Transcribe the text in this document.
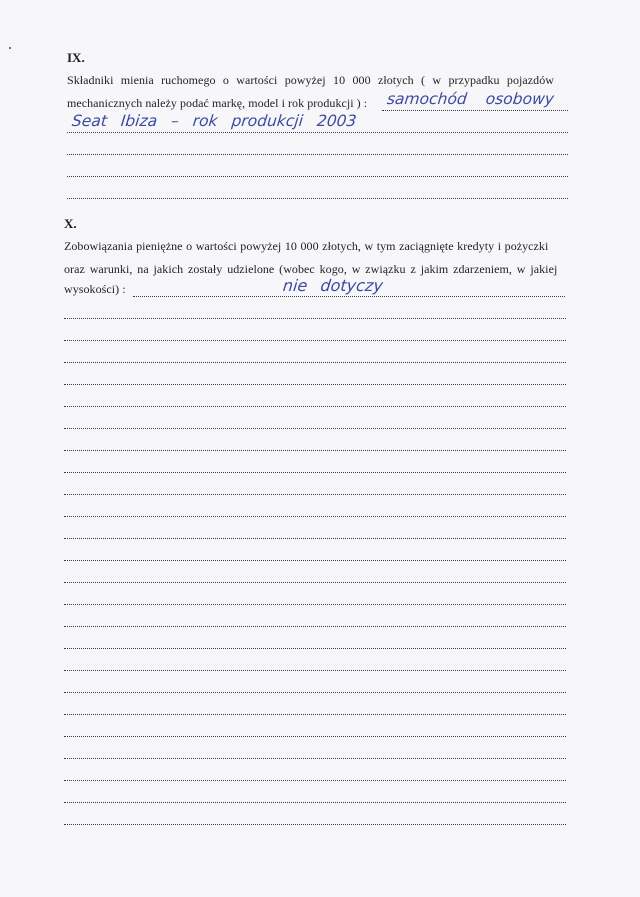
IX.
Składniki mienia ruchomego o wartości powyżej 10 000 złotych ( w przypadku pojazdów
mechanicznych należy podać markę, model i rok produkcji ) : samochód osobowy
Seat Ibiza – rok produkcji 2003
X.
Zobowiązania pieniężne o wartości powyżej 10 000 złotych, w tym zaciągnięte kredyty i pożyczki
oraz warunki, na jakich zostały udzielone (wobec kogo, w związku z jakim zdarzeniem, w jakiej
wysokości) :	nie dotyczy
